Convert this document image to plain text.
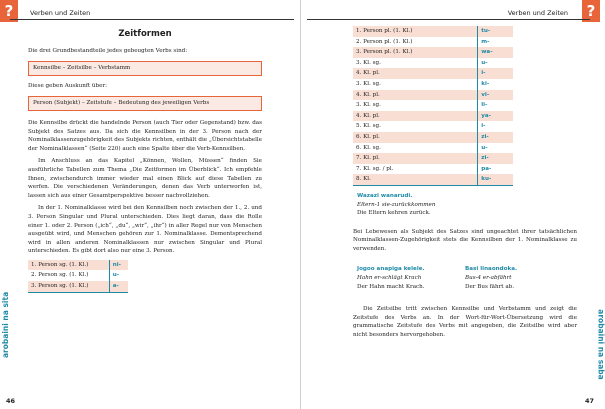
?	Verben und Zeiten
arobaini na sita
46
Zeitformen

Die drei Grundbestandteile jedes gebeugten Verbs sind:

Kennsilbe – Zeitsilbe – Verbstamm

Diese geben Auskunft über:

Person (Subjekt) – Zeitstufe – Bedeutung des jeweiligen Verbs

Die Kennsilbe drückt die handelnde Person (auch Tier oder Gegenstand) bzw. das Subjekt des Satzes aus. Da sich die Kennsilben in der 3. Person nach der Nominalklassenzugehörigkeit des Subjekts richten, enthält die „Übersichtstabelle der Nominalklassen“ (Seite 220) auch eine Spalte über die Verb-Kennsilben.

Im Anschluss an das Kapitel „Können, Wollen, Müssen“ finden Sie ausführliche Tabellen zum Thema „Die Zeitformen im Überblick“. Ich empfehle Ihnen, zwischendurch immer wieder mal einen Blick auf diese Tabellen zu werfen. Die verschiedenen Veränderungen, denen das Verb unterworfen ist, lassen sich aus einer Gesamtperspektive besser nachvollziehen.

In der 1. Nominalklasse wird bei den Kennsilben noch zwischen der 1., 2. und 3. Person Singular und Plural unterschieden. Dies liegt daran, dass die Rolle einer 1. oder 2. Person („ich“, „du“, „wir“, „ihr“) in aller Regel nur von Menschen ausgeübt wird, und Menschen gehören zur 1. Nominalklasse. Dementsprechend wird in allen anderen Nominalklassen nur zwischen Singular und Plural unterschieden. Es gibt dort also nur eine 3. Person.

1. Person sg. (1. Kl.)	ni-
2. Person sg. (1. Kl.)	u-
3. Person sg. (1. Kl.)	a-
?
Verben und Zeiten
arobaini na saba
47
1. Person pl. (1. Kl.)	tu-
2. Person pl. (1. Kl.)	m-
3. Person pl. (1. Kl.)	wa-
3. Kl. sg.	u-
4. Kl. pl.	i-
3. Kl. sg.	ki-
4. Kl. pl.	vi-
3. Kl. sg.	li-
4. Kl. pl.	ya-
5. Kl. sg.	i-
6. Kl. pl.	zi-
6. Kl. sg.	u-
7. Kl. pl.	zi-
7. Kl. sg. / pl.	pa-
8. Kl.	ku-
Wazazi wanarudi.
Eltern-1 sie-zurückkommen
Die Eltern kehren zurück.

Bei Lebewesen als Subjekt des Satzes sind ungeachtet ihrer tatsächlichen Nominalklassen-Zugehörigkeit stets die Kennsilben der 1. Nominalklasse zu verwenden.

Jogoo anapiga kelele.
Hahn er-schlägt Krach
Der Hahn macht Krach.
Basi linaondoka.
Bus-4 er-abfährt
Der Bus fährt ab.

Die Zeitsilbe tritt zwischen Kennsilbe und Verbstamm und zeigt die Zeitstufe des Verbs an. In der Wort-für-Wort-Übersetzung wird die grammatische Zeitstufe des Verbs mit angegeben, die Zeitsilbe wird aber nicht besonders hervorgehoben.
